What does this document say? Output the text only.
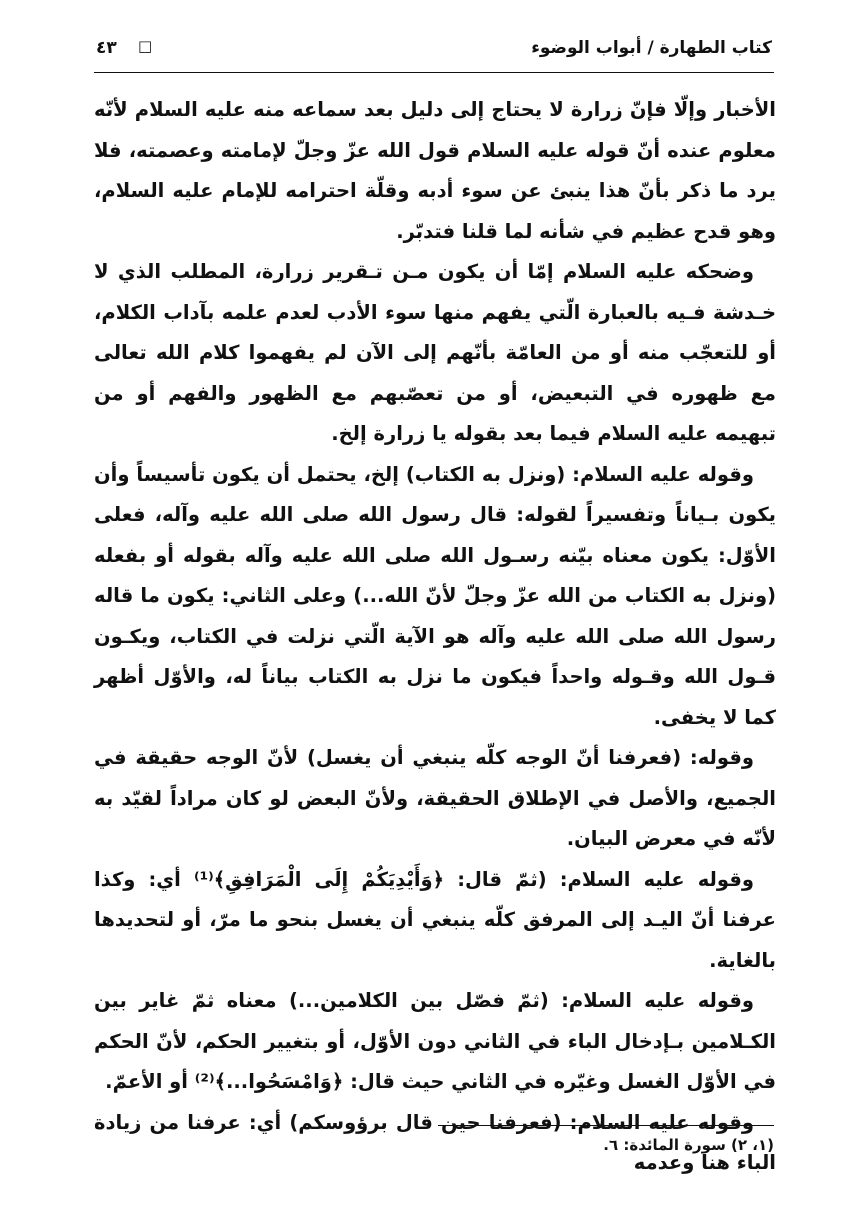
كتاب الطهارة / أبواب الوضوء
□
٤٣

الأخبار وإلّا فإنّ زرارة لا يحتاج إلى دليل بعد سماعه منه عليه السلام لأنّه معلوم عنده أنّ قوله عليه السلام قول الله عزّ وجلّ لإمامته وعصمته، فلا يرد ما ذكر بأنّ هذا ينبئ عن سوء أدبه وقلّة احترامه للإمام عليه السلام، وهو قدح عظيم في شأنه لما قلنا فتدبّر.

وضحكه عليه السلام إمّا أن يكون مـن تـقرير زرارة، المطلب الذي لا خـدشة فـيه بالعبارة الّتي يفهم منها سوء الأدب لعدم علمه بآداب الكلام، أو للتعجّب منه أو من العامّة بأنّهم إلى الآن لم يفهموا كلام الله تعالى مع ظهوره في التبعيض، أو من تعصّبهم مع الظهور والفهم أو من تبهيمه عليه السلام فيما بعد بقوله يا زرارة إلخ.

وقوله عليه السلام: (ونزل به الكتاب) إلخ، يحتمل أن يكون تأسيساً وأن يكون بـياناً وتفسيراً لقوله: قال رسول الله صلى الله عليه وآله، فعلى الأوّل: يكون معناه بيّنه رسـول الله صلى الله عليه وآله بقوله أو بفعله (ونزل به الكتاب من الله عزّ وجلّ لأنّ الله...) وعلى الثاني: يكون ما قاله رسول الله صلى الله عليه وآله هو الآية الّتي نزلت في الكتاب، ويكـون قـول الله وقـوله واحداً فيكون ما نزل به الكتاب بياناً له، والأوّل أظهر كما لا يخفى.

وقوله: (فعرفنا أنّ الوجه كلّه ينبغي أن يغسل) لأنّ الوجه حقيقة في الجميع، والأصل في الإطلاق الحقيقة، ولأنّ البعض لو كان مراداً لقيّد به لأنّه في معرض البيان.

وقوله عليه السلام: (ثمّ قال: ﴿وَأَيْدِيَكُمْ إِلَى الْمَرَافِقِ﴾⁽¹⁾ أي: وكذا عرفنا أنّ اليـد إلى المرفق كلّه ينبغي أن يغسل بنحو ما مرّ، أو لتحديدها بالغاية.

وقوله عليه السلام: (ثمّ فصّل بين الكلامين...) معناه ثمّ غاير بين الكـلامين بـإدخال الباء في الثاني دون الأوّل، أو بتغيير الحكم، لأنّ الحكم في الأوّل الغسل وغيّره في الثاني حيث قال: ﴿وَامْسَحُوا...﴾⁽²⁾ أو الأعمّ.

وقوله عليه السلام: (فعرفنا حين قال برؤوسكم) أي: عرفنا من زيادة الباء هنا وعدمه

(١، ٢) سورة المائدة: ٦.
